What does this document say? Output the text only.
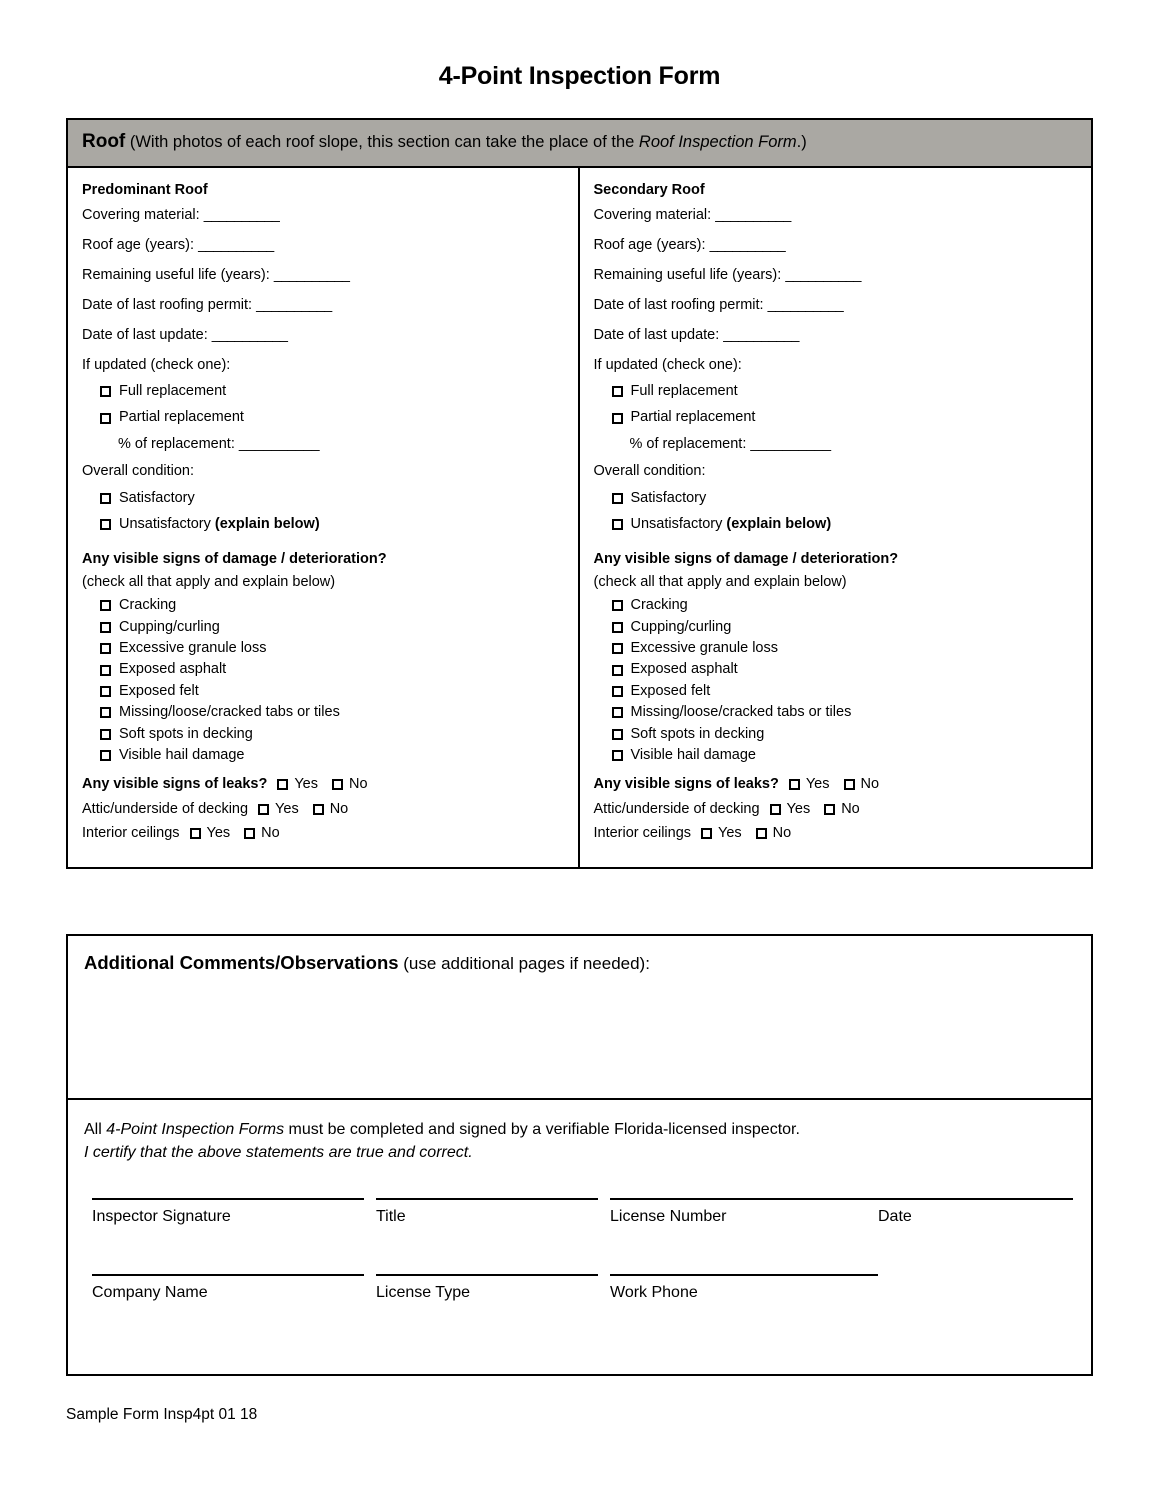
4-Point Inspection Form
Roof (With photos of each roof slope, this section can take the place of the Roof Inspection Form.)
Predominant Roof
Covering material: __________
Roof age (years): __________
Remaining useful life (years): __________
Date of last roofing permit: __________
Date of last update: __________
If updated (check one):
Full replacement
Partial replacement
% of replacement: __________
Overall condition:
Satisfactory
Unsatisfactory (explain below)
Any visible signs of damage / deterioration?
(check all that apply and explain below)
Cracking
Cupping/curling
Excessive granule loss
Exposed asphalt
Exposed felt
Missing/loose/cracked tabs or tiles
Soft spots in decking
Visible hail damage
Any visible signs of leaks? Yes No
Attic/underside of decking Yes No
Interior ceilings Yes No
Secondary Roof
Covering material: __________
Roof age (years): __________
Remaining useful life (years): __________
Date of last roofing permit: __________
Date of last update: __________
If updated (check one):
Full replacement
Partial replacement
% of replacement: __________
Overall condition:
Satisfactory
Unsatisfactory (explain below)
Any visible signs of damage / deterioration?
(check all that apply and explain below)
Cracking
Cupping/curling
Excessive granule loss
Exposed asphalt
Exposed felt
Missing/loose/cracked tabs or tiles
Soft spots in decking
Visible hail damage
Any visible signs of leaks? Yes No
Attic/underside of decking Yes No
Interior ceilings Yes No
Additional Comments/Observations (use additional pages if needed):
All 4-Point Inspection Forms must be completed and signed by a verifiable Florida-licensed inspector.
I certify that the above statements are true and correct.
Inspector Signature	Title	License Number	Date
Company Name	License Type	Work Phone
Sample Form Insp4pt 01 18
